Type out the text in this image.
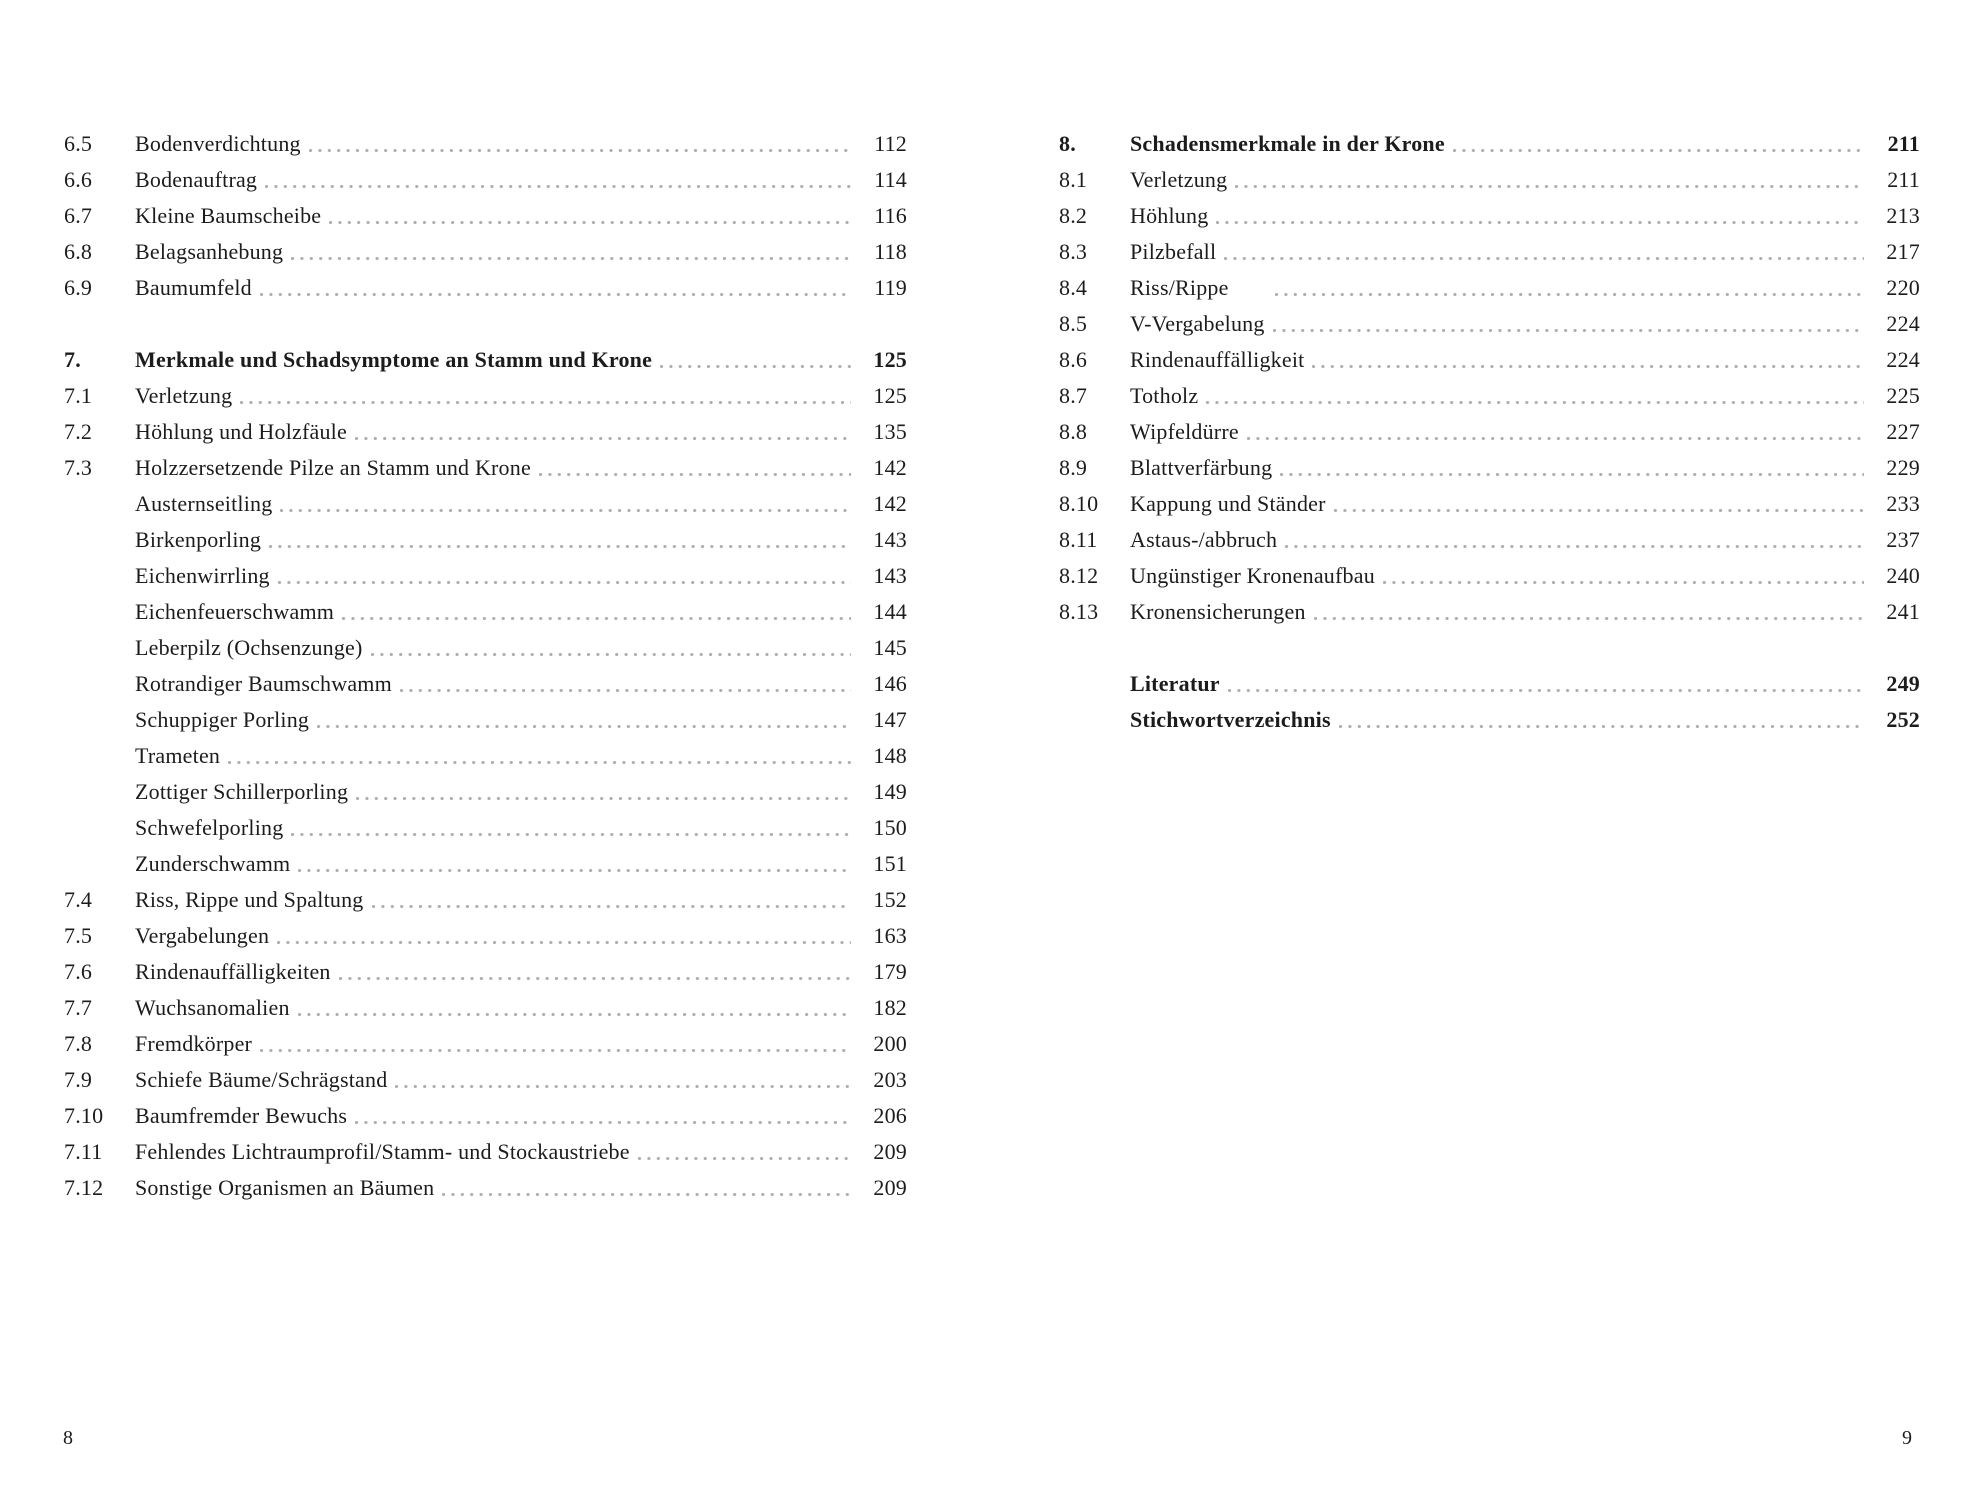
6.5	Bodenverdichtung	112
6.6	Bodenauftrag	114
6.7	Kleine Baumscheibe	116
6.8	Belagsanhebung	118
6.9	Baumumfeld	119
7.	Merkmale und Schadsymptome an Stamm und Krone	125
7.1	Verletzung	125
7.2	Höhlung und Holzfäule	135
7.3	Holzzersetzende Pilze an Stamm und Krone	142
Austernseitling	142
Birkenporling	143
Eichenwirrling	143
Eichenfeuerschwamm	144
Leberpilz (Ochsenzunge)	145
Rotrandiger Baumschwamm	146
Schuppiger Porling	147
Trameten	148
Zottiger Schillerporling	149
Schwefelporling	150
Zunderschwamm	151
7.4	Riss, Rippe und Spaltung	152
7.5	Vergabelungen	163
7.6	Rindenauffälligkeiten	179
7.7	Wuchsanomalien	182
7.8	Fremdkörper	200
7.9	Schiefe Bäume/Schrägstand	203
7.10	Baumfremder Bewuchs	206
7.11	Fehlendes Lichtraumprofil/Stamm- und Stockaustriebe	209
7.12	Sonstige Organismen an Bäumen	209
8.	Schadensmerkmale in der Krone	211
8.1	Verletzung	211
8.2	Höhlung	213
8.3	Pilzbefall	217
8.4	Riss/Rippe	220
8.5	V-Vergabelung	224
8.6	Rindenauffälligkeit	224
8.7	Totholz	225
8.8	Wipfeldürre	227
8.9	Blattverfärbung	229
8.10	Kappung und Ständer	233
8.11	Astaus-/abbruch	237
8.12	Ungünstiger Kronenaufbau	240
8.13	Kronensicherungen	241
Literatur	249
Stichwortverzeichnis	252
8	9
